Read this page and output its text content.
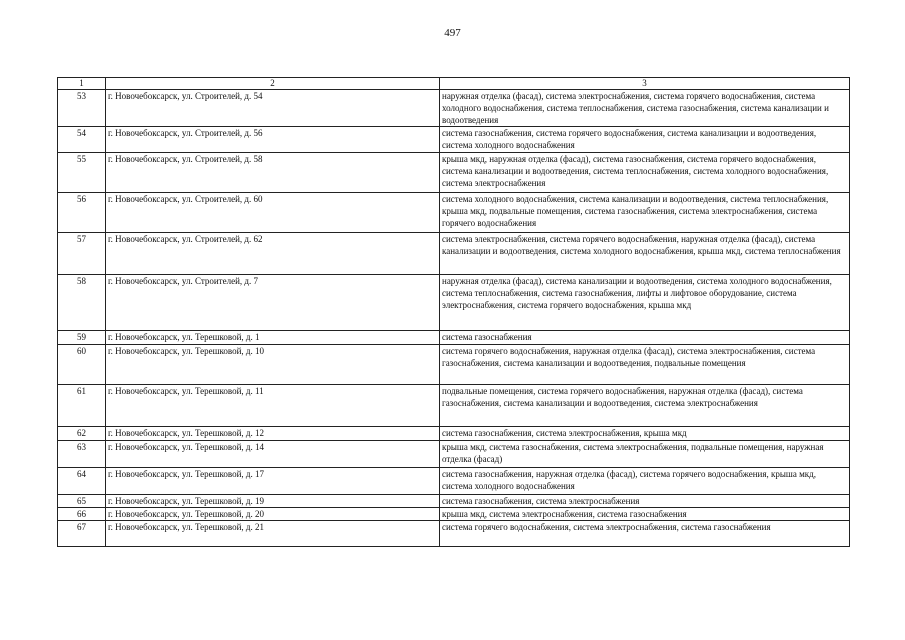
497
1	2	3
53	г. Новочебоксарск, ул. Строителей, д. 54	наружная отделка (фасад), система электроснабжения, система горячего водоснабжения, система холодного водоснабжения, система теплоснабжения, система газоснабжения, система канализации и водоотведения
54	г. Новочебоксарск, ул. Строителей, д. 56	система газоснабжения, система горячего водоснабжения, система канализации и водоотведения, система холодного водоснабжения
55	г. Новочебоксарск, ул. Строителей, д. 58	крыша мкд, наружная отделка (фасад), система газоснабжения, система горячего водоснабжения, система канализации и водоотведения, система теплоснабжения, система холодного водоснабжения, система электроснабжения
56	г. Новочебоксарск, ул. Строителей, д. 60	система холодного водоснабжения, система канализации и водоотведения, система теплоснабжения, крыша мкд, подвальные помещения, система газоснабжения, система электроснабжения, система горячего водоснабжения
57	г. Новочебоксарск, ул. Строителей, д. 62	система электроснабжения, система горячего водоснабжения, наружная отделка (фасад), система канализации и водоотведения, система холодного водоснабжения, крыша мкд, система теплоснабжения
58	г. Новочебоксарск, ул. Строителей, д. 7	наружная отделка (фасад), система канализации и водоотведения, система холодного водоснабжения, система теплоснабжения, система газоснабжения, лифты и лифтовое оборудование, система электроснабжения, система горячего водоснабжения, крыша мкд
59	г. Новочебоксарск, ул. Терешковой, д. 1	система газоснабжения
60	г. Новочебоксарск, ул. Терешковой, д. 10	система горячего водоснабжения, наружная отделка (фасад), система электроснабжения, система газоснабжения, система канализации и водоотведения, подвальные помещения
61	г. Новочебоксарск, ул. Терешковой, д. 11	подвальные помещения, система горячего водоснабжения, наружная отделка (фасад), система газоснабжения, система канализации и водоотведения, система электроснабжения
62	г. Новочебоксарск, ул. Терешковой, д. 12	система газоснабжения, система электроснабжения, крыша мкд
63	г. Новочебоксарск, ул. Терешковой, д. 14	крыша мкд, система газоснабжения, система электроснабжения, подвальные помещения, наружная отделка (фасад)
64	г. Новочебоксарск, ул. Терешковой, д. 17	система газоснабжения, наружная отделка (фасад), система горячего водоснабжения, крыша мкд, система холодного водоснабжения
65	г. Новочебоксарск, ул. Терешковой, д. 19	система газоснабжения, система электроснабжения
66	г. Новочебоксарск, ул. Терешковой, д. 20	крыша мкд, система электроснабжения, система газоснабжения
67	г. Новочебоксарск, ул. Терешковой, д. 21	система горячего водоснабжения, система электроснабжения, система газоснабжения
